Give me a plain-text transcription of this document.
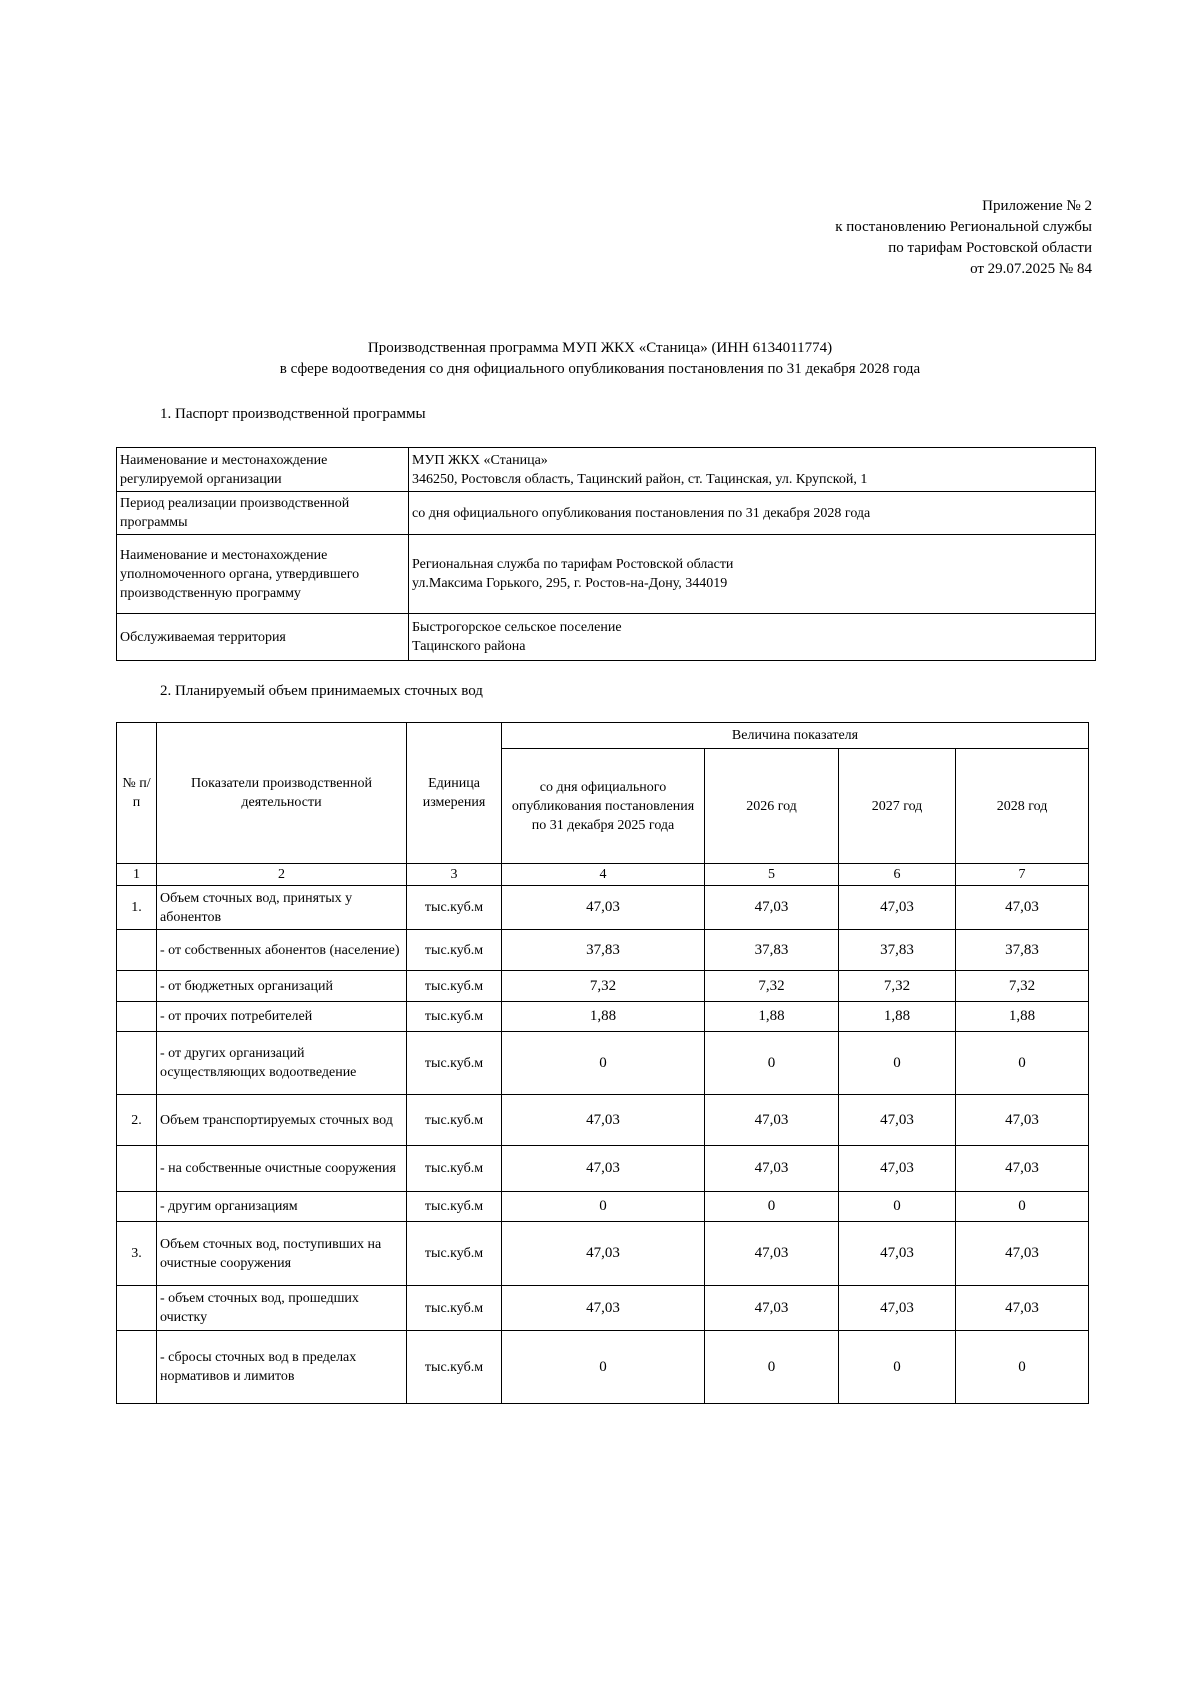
Приложение № 2
к постановлению Региональной службы
по тарифам Ростовской области
от 29.07.2025 № 84
Производственная программа МУП ЖКХ «Станица» (ИНН 6134011774)
в сфере водоотведения со дня официального опубликования постановления по 31 декабря 2028 года
1. Паспорт производственной программы
Наименование и местонахождение регулируемой организации	МУП ЖКХ «Станица»
346250, Ростовсля область, Тацинский район, ст. Тацинская, ул. Крупской, 1

Период реализации производственной программы	со дня официального опубликования постановления по 31 декабря 2028 года

Наименование и местонахождение уполномоченного органа, утвердившего производственную программу	Региональная служба по тарифам Ростовской области
ул.Максима Горького, 295, г. Ростов-на-Дону, 344019

Обслуживаемая территория	Быстрогорское сельское поселение
Тацинского района
2. Планируемый объем принимаемых сточных вод
№ п/п	Показатели производственной деятельности	Единица измерения	Величина показателя			
			со дня официального опубликования постановления по 31 декабря 2025 года	2026 год	2027 год	2028 год
1	2	3	4	5	6	7
1.	Объем сточных вод, принятых у абонентов	тыс.куб.м	47,03	47,03	47,03	47,03
	- от собственных абонентов (население)	тыс.куб.м	37,83	37,83	37,83	37,83
	- от бюджетных организаций	тыс.куб.м	7,32	7,32	7,32	7,32
	- от прочих потребителей	тыс.куб.м	1,88	1,88	1,88	1,88
	- от других организаций осуществляющих водоотведение	тыс.куб.м	0	0	0	0
2.	Объем транспортируемых сточных вод	тыс.куб.м	47,03	47,03	47,03	47,03
	- на собственные очистные сооружения	тыс.куб.м	47,03	47,03	47,03	47,03
	- другим организациям	тыс.куб.м	0	0	0	0
3.	Объем сточных вод, поступивших на очистные сооружения	тыс.куб.м	47,03	47,03	47,03	47,03
	- объем сточных вод, прошедших очистку	тыс.куб.м	47,03	47,03	47,03	47,03
	- сбросы сточных вод в пределах нормативов и лимитов	тыс.куб.м	0	0	0	0
